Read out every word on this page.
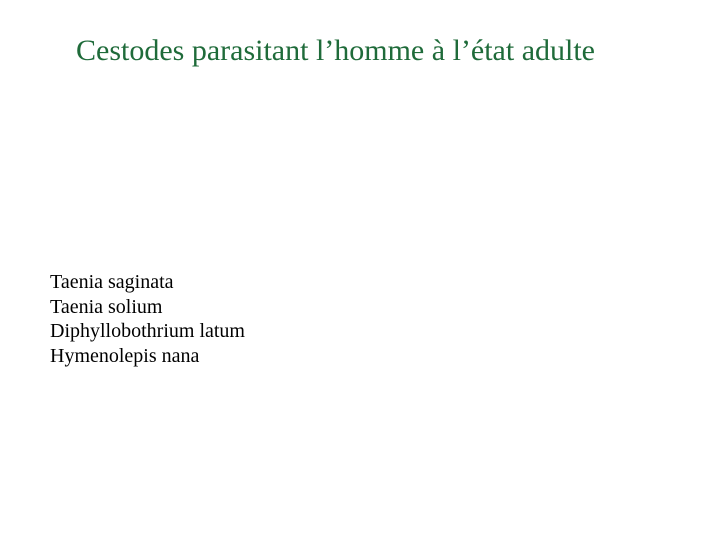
Cestodes parasitant l’homme à l’état adulte
Taenia saginata
Taenia solium
Diphyllobothrium latum
Hymenolepis nana
